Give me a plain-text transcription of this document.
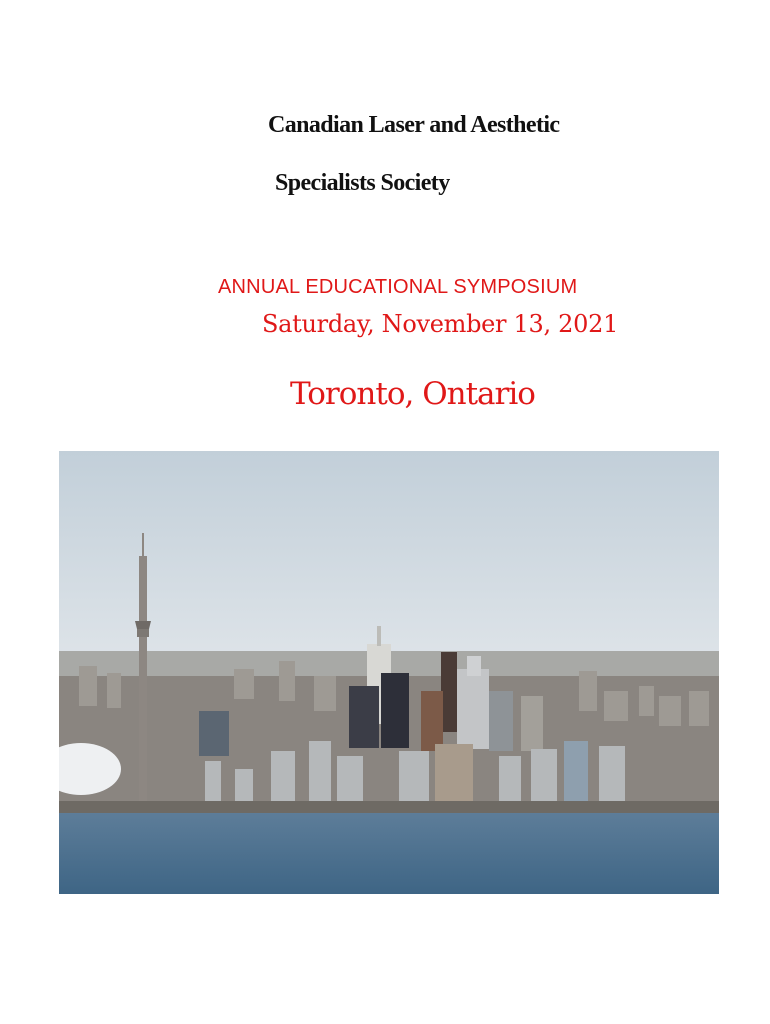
Canadian Laser and Aesthetic
Specialists Society
ANNUAL EDUCATIONAL SYMPOSIUM
Saturday, November 13, 2021
Toronto, Ontario
